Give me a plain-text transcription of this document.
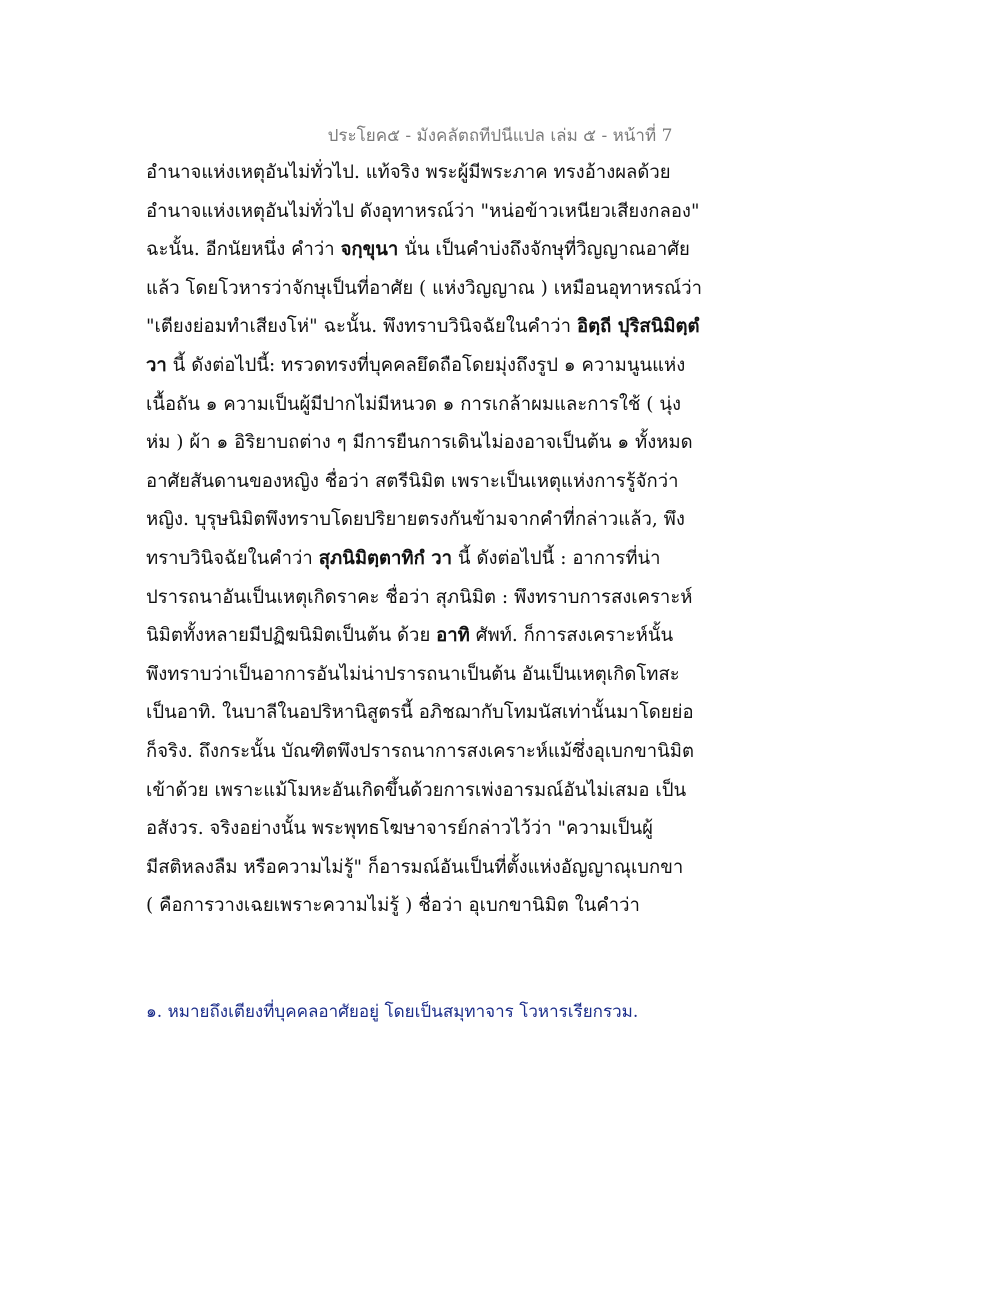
ประโยค๕ - มังคลัตถทีปนีแปล เล่ม ๕ - หน้าที่ 7
อำนาจแห่งเหตุอันไม่ทั่วไป. แท้จริง พระผู้มีพระภาค ทรงอ้างผลด้วย
อำนาจแห่งเหตุอันไม่ทั่วไป ดังอุทาหรณ์ว่า "หน่อข้าวเหนียวเสียงกลอง"
ฉะนั้น. อีกนัยหนึ่ง คำว่า จกฺขุนา นั่น เป็นคำบ่งถึงจักษุที่วิญญาณอาศัย
แล้ว โดยโวหารว่าจักษุเป็นที่อาศัย ( แห่งวิญญาณ ) เหมือนอุทาหรณ์ว่า
"เตียงย่อมทำเสียงโห่" ฉะนั้น. พึงทราบวินิจฉัยในคำว่า อิตฺถี ปุริสนิมิตฺตํ
วา นี้ ดังต่อไปนี้: ทรวดทรงที่บุคคลยึดถือโดยมุ่งถึงรูป ๑ ความนูนแห่ง
เนื้อถัน ๑ ความเป็นผู้มีปากไม่มีหนวด ๑ การเกล้าผมและการใช้ ( นุ่ง
ห่ม ) ผ้า ๑ อิริยาบถต่าง ๆ มีการยืนการเดินไม่องอาจเป็นต้น ๑ ทั้งหมด
อาศัยสันดานของหญิง ชื่อว่า สตรีนิมิต เพราะเป็นเหตุแห่งการรู้จักว่า
หญิง. บุรุษนิมิตพึงทราบโดยปริยายตรงกันข้ามจากคำที่กล่าวแล้ว, พึง
ทราบวินิจฉัยในคำว่า สุภนิมิตฺตาทิกํ วา นี้ ดังต่อไปนี้ : อาการที่น่า
ปรารถนาอันเป็นเหตุเกิดราคะ ชื่อว่า สุภนิมิต : พึงทราบการสงเคราะห์
นิมิตทั้งหลายมีปฏิฆนิมิตเป็นต้น ด้วย อาทิ ศัพท์. ก็การสงเคราะห์นั้น
พึงทราบว่าเป็นอาการอันไม่น่าปรารถนาเป็นต้น อันเป็นเหตุเกิดโทสะ
เป็นอาทิ. ในบาลีในอปริหานิสูตรนี้ อภิชฌากับโทมนัสเท่านั้นมาโดยย่อ
ก็จริง. ถึงกระนั้น บัณฑิตพึงปรารถนาการสงเคราะห์แม้ซึ่งอุเบกขานิมิต
เข้าด้วย เพราะแม้โมหะอันเกิดขึ้นด้วยการเพ่งอารมณ์อันไม่เสมอ เป็น
อสังวร. จริงอย่างนั้น พระพุทธโฆษาจารย์กล่าวไว้ว่า "ความเป็นผู้
มีสติหลงลืม หรือความไม่รู้" ก็อารมณ์อันเป็นที่ตั้งแห่งอัญญาณุเบกขา
( คือการวางเฉยเพราะความไม่รู้ ) ชื่อว่า อุเบกขานิมิต ในคำว่า
๑. หมายถึงเตียงที่บุคคลอาศัยอยู่ โดยเป็นสมุทาจาร โวหารเรียกรวม.
